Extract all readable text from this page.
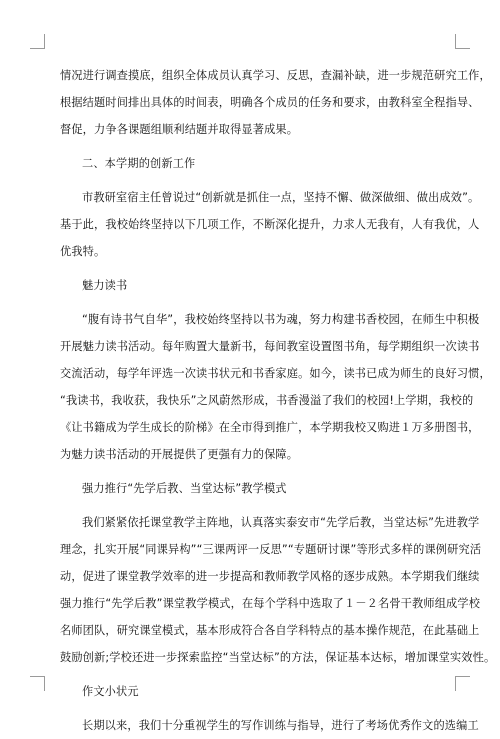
情况进行调查摸底，组织全体成员认真学习、反思，查漏补缺，进一步规范研究工作，
根据结题时间排出具体的时间表，明确各个成员的任务和要求，由教科室全程指导、
督促，力争各课题组顺利结题并取得显著成果。
二、本学期的创新工作
市教研室宿主任曾说过“创新就是抓住一点，坚持不懈、做深做细、做出成效”。
基于此，我校始终坚持以下几项工作，不断深化提升，力求人无我有，人有我优，人
优我特。
魅力读书
“腹有诗书气自华”，我校始终坚持以书为魂，努力构建书香校园，在师生中积极
开展魅力读书活动。每年购置大量新书，每间教室设置图书角，每学期组织一次读书
交流活动，每学年评选一次读书状元和书香家庭。如今，读书已成为师生的良好习惯，
“我读书，我收获，我快乐”之风蔚然形成，书香漫溢了我们的校园!上学期，我校的
《让书籍成为学生成长的阶梯》在全市得到推广，本学期我校又购进１万多册图书，
为魅力读书活动的开展提供了更强有力的保障。
强力推行“先学后教、当堂达标”教学模式
我们紧紧依托课堂教学主阵地，认真落实泰安市“先学后教，当堂达标”先进教学
理念，扎实开展“同课异构”“三课两评一反思”“专题研讨课”等形式多样的课例研究活
动，促进了课堂教学效率的进一步提高和教师教学风格的逐步成熟。本学期我们继续
强力推行“先学后教”课堂教学模式，在每个学科中选取了１－２名骨干教师组成学校
名师团队，研究课堂模式，基本形成符合各自学科特点的基本操作规范，在此基础上
鼓励创新;学校还进一步探索监控“当堂达标”的方法，保证基本达标，增加课堂实效性。
作文小状元
长期以来，我们十分重视学生的写作训练与指导，进行了考场优秀作文的选编工
